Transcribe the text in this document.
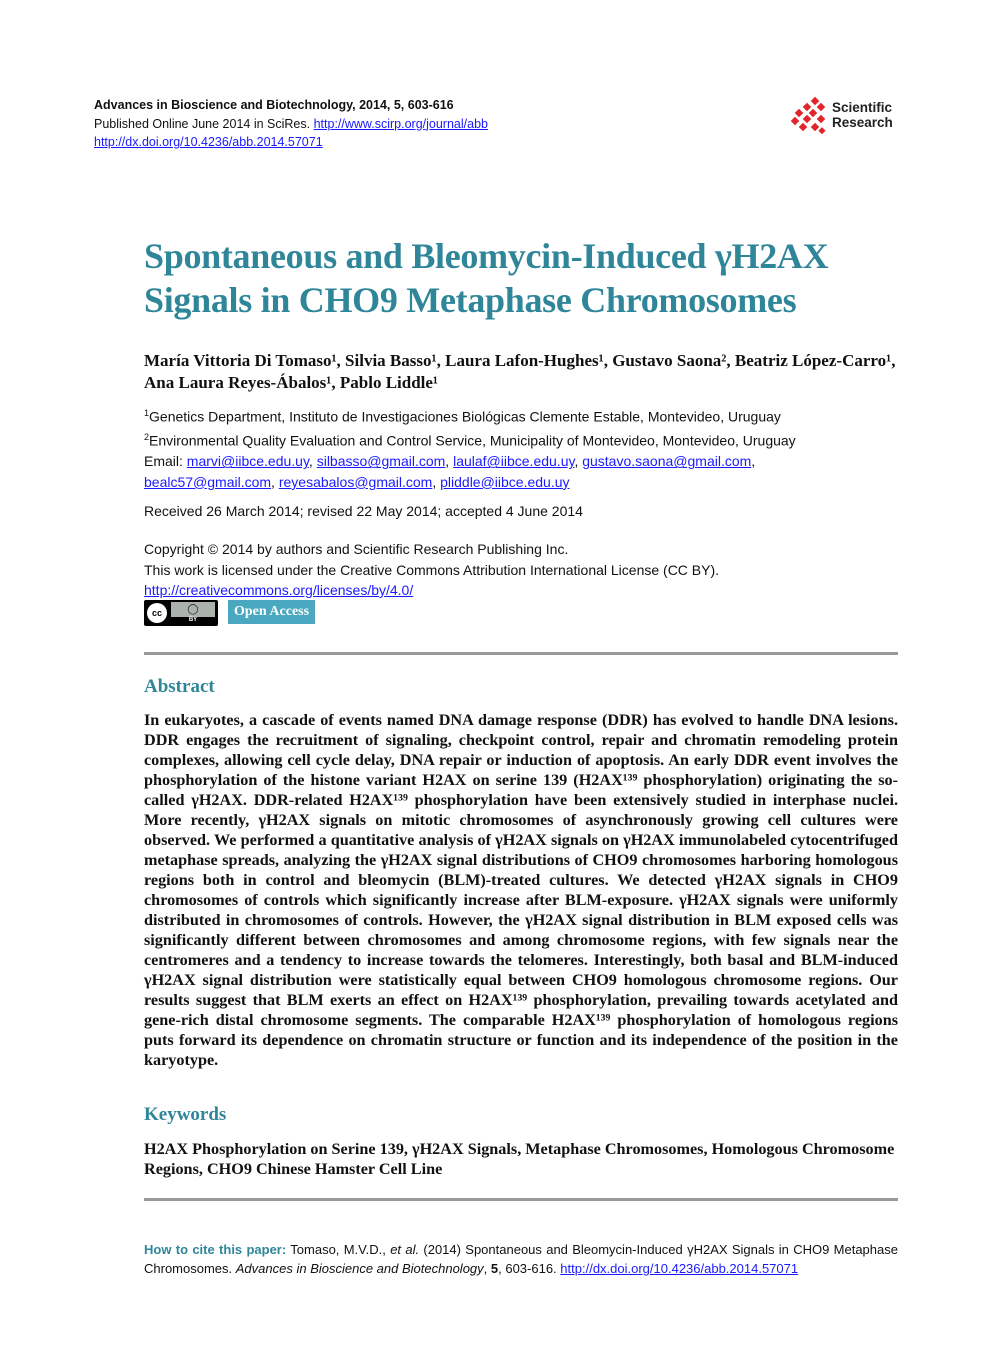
Advances in Bioscience and Biotechnology, 2014, 5, 603-616
Published Online June 2014 in SciRes. http://www.scirp.org/journal/abb
http://dx.doi.org/10.4236/abb.2014.57071
Scientific
Research
Spontaneous and Bleomycin-Induced γH2AX Signals in CHO9 Metaphase Chromosomes
María Vittoria Di Tomaso¹, Silvia Basso¹, Laura Lafon-Hughes¹, Gustavo Saona², Beatriz López-Carro¹, Ana Laura Reyes-Ábalos¹, Pablo Liddle¹
$^1$Genetics Department, Instituto de Investigaciones Biológicas Clemente Estable, Montevideo, Uruguay
$^2$Environmental Quality Evaluation and Control Service, Municipality of Montevideo, Montevideo, Uruguay
Email: marvi@iibce.edu.uy, silbasso@gmail.com, laulaf@iibce.edu.uy, gustavo.saona@gmail.com,
bealc57@gmail.com, reyesabalos@gmail.com, pliddle@iibce.edu.uy
Received 26 March 2014; revised 22 May 2014; accepted 4 June 2014
Copyright © 2014 by authors and Scientific Research Publishing Inc.
This work is licensed under the Creative Commons Attribution International License (CC BY).
http://creativecommons.org/licenses/by/4.0/
cc	◯
BY
Open Access
Abstract
In eukaryotes, a cascade of events named DNA damage response (DDR) has evolved to handle DNA lesions. DDR engages the recruitment of signaling, checkpoint control, repair and chromatin remodeling protein complexes, allowing cell cycle delay, DNA repair or induction of apoptosis. An early DDR event involves the phosphorylation of the histone variant H2AX on serine 139 (H2AX¹³⁹ phosphorylation) originating the so-called γH2AX. DDR-related H2AX¹³⁹ phosphorylation have been extensively studied in interphase nuclei. More recently, γH2AX signals on mitotic chromosomes of asynchronously growing cell cultures were observed. We performed a quantitative analysis of γH2AX signals on γH2AX immunolabeled cytocentrifuged metaphase spreads, analyzing the γH2AX signal distributions of CHO9 chromosomes harboring homologous regions both in control and bleomycin (BLM)-treated cultures. We detected γH2AX signals in CHO9 chromosomes of controls which significantly increase after BLM-exposure. γH2AX signals were uniformly distributed in chromosomes of controls. However, the γH2AX signal distribution in BLM exposed cells was significantly different between chromosomes and among chromosome regions, with few signals near the centromeres and a tendency to increase towards the telomeres. Interestingly, both basal and BLM-induced γH2AX signal distribution were statistically equal between CHO9 homologous chromosome regions. Our results suggest that BLM exerts an effect on H2AX¹³⁹ phosphorylation, prevailing towards acetylated and gene-rich distal chromosome segments. The comparable H2AX¹³⁹ phosphorylation of homologous regions puts forward its dependence on chromatin structure or function and its independence of the position in the karyotype.
Keywords
H2AX Phosphorylation on Serine 139, γH2AX Signals, Metaphase Chromosomes, Homologous Chromosome Regions, CHO9 Chinese Hamster Cell Line
How to cite this paper: Tomaso, M.V.D., et al. (2014) Spontaneous and Bleomycin-Induced γH2AX Signals in CHO9 Metaphase Chromosomes. Advances in Bioscience and Biotechnology, 5, 603-616. http://dx.doi.org/10.4236/abb.2014.57071
